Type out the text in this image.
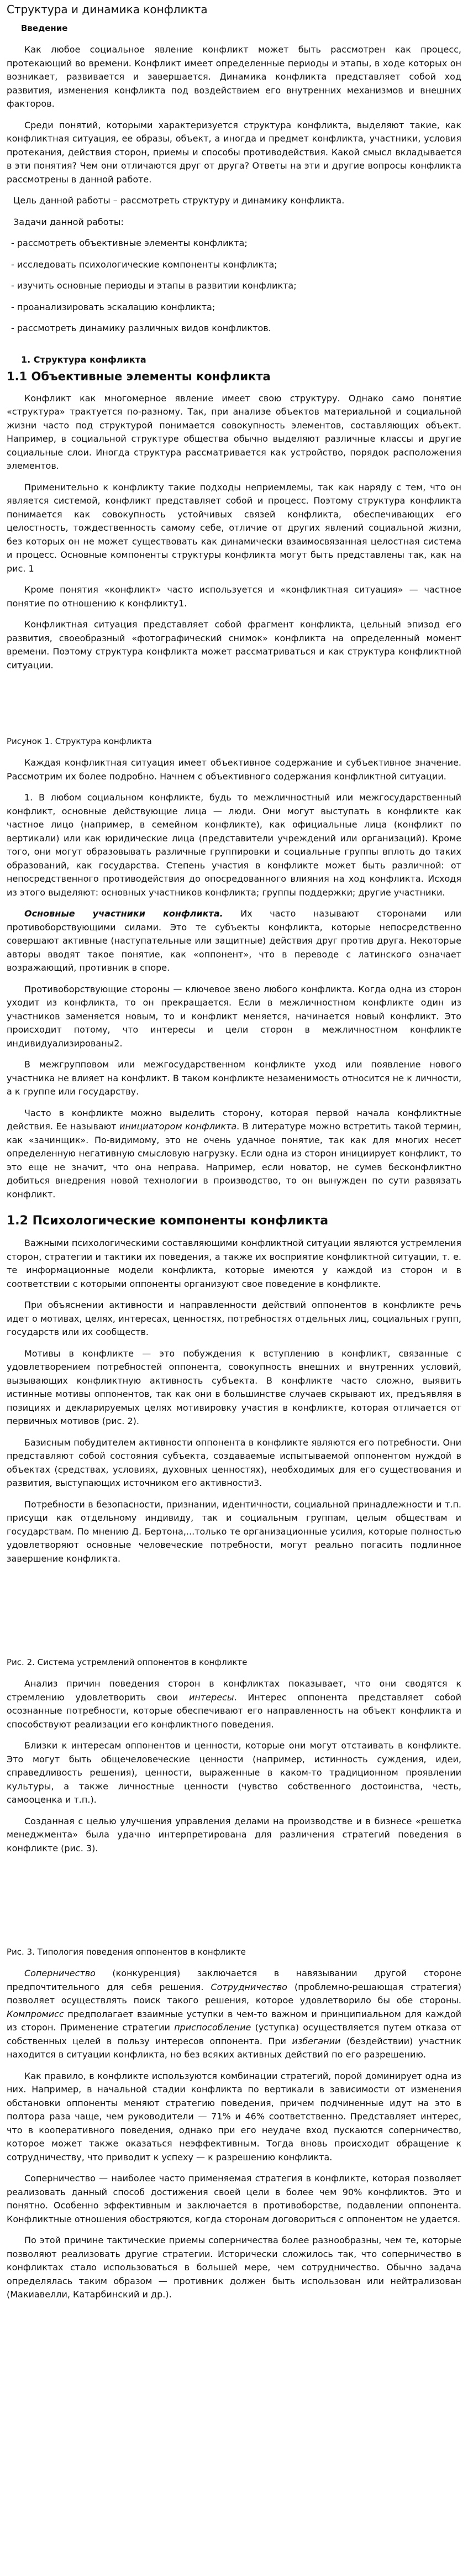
Структура и динамика конфликта
Введение

Как любое социальное явление конфликт может быть рассмотрен как процесс, протекающий во времени. Конфликт имеет определенные периоды и этапы, в ходе которых он возникает, развивается и завершается. Динамика конфликта представляет собой ход развития, изменения конфликта под воздействием его внутренних механизмов и внешних факторов.

Среди понятий, которыми характеризуется структура конфликта, выделяют такие, как конфликтная ситуация, ее образы, объект, а иногда и предмет конфликта, участники, условия протекания, действия сторон, приемы и способы противодействия. Какой смысл вкладывается в эти понятия? Чем они отличаются друг от друга? Ответы на эти и другие вопросы конфликта рассмотрены в данной работе.

Цель данной работы – рассмотреть структуру и динамику конфликта.

Задачи данной работы:

- рассмотреть объективные элементы конфликта;

- исследовать психологические компоненты конфликта;

- изучить основные периоды и этапы в развитии конфликта;

- проанализировать эскалацию конфликта;

- рассмотреть динамику различных видов конфликтов.

1. Структура конфликта
1.1 Объективные элементы конфликта

Конфликт как многомерное явление имеет свою структуру. Однако само понятие «структура» трактуется по-разному. Так, при анализе объектов материальной и социальной жизни часто под структурой понимается совокупность элементов, составляющих объект. Например, в социальной структуре общества обычно выделяют различные классы и другие социальные слои. Иногда структура рассматривается как устройство, порядок расположения элементов.

Применительно к конфликту такие подходы неприемлемы, так как наряду с тем, что он является системой, конфликт представляет собой и процесс. Поэтому структура конфликта понимается как совокупность устойчивых связей конфликта, обеспечивающих его целостность, тождественность самому себе, отличие от других явлений социальной жизни, без которых он не может существовать как динамически взаимосвязанная целостная система и процесс. Основные компоненты структуры конфликта могут быть представлены так, как на рис. 1

Кроме понятия «конфликт» часто используется и «конфликтная ситуация» — частное понятие по отношению к конфликту1.

Конфликтная ситуация представляет собой фрагмент конфликта, цельный эпизод его развития, своеобразный «фотографический снимок» конфликта на определенный момент времени. Поэтому структура конфликта может рассматриваться и как структура конфликтной ситуации.

Рисунок 1. Структура конфликта

Каждая конфликтная ситуация имеет объективное содержание и субъективное значение. Рассмотрим их более подробно. Начнем с объективного содержания конфликтной ситуации.

1. В любом социальном конфликте, будь то межличностный или межгосударственный конфликт, основные действующие лица — люди. Они могут выступать в конфликте как частное лицо (например, в семейном конфликте), как официальные лица (конфликт по вертикали) или как юридические лица (представители учреждений или организаций). Кроме того, они могут образовывать различные группировки и социальные группы вплоть до таких образований, как государства. Степень участия в конфликте может быть различной: от непосредственного противодействия до опосредованного влияния на ход конфликта. Исходя из этого выделяют: основных участников конфликта; группы поддержки; другие участники.

Основные участники конфликта. Их часто называют сторонами или противоборствующими силами. Это те субъекты конфликта, которые непосредственно совершают активные (наступательные или защитные) действия друг против друга. Некоторые авторы вводят такое понятие, как «оппонент», что в переводе с латинского означает возражающий, противник в споре.

Противоборствующие стороны — ключевое звено любого конфликта. Когда одна из сторон уходит из конфликта, то он прекращается. Если в межличностном конфликте один из участников заменяется новым, то и конфликт меняется, начинается новый конфликт. Это происходит потому, что интересы и цели сторон в межличностном конфликте индивидуализированы2.

В межгрупповом или межгосударственном конфликте уход или появление нового участника не влияет на конфликт. В таком конфликте незаменимость относится не к личности, а к группе или государству.

Часто в конфликте можно выделить сторону, которая первой начала конфликтные действия. Ее называют инициатором конфликта. В литературе можно встретить такой термин, как «зачинщик». По-видимому, это не очень удачное понятие, так как для многих несет определенную негативную смысловую нагрузку. Если одна из сторон инициирует конфликт, то это еще не значит, что она неправа. Например, если новатор, не сумев бесконфликтно добиться внедрения новой технологии в производство, то он вынужден по сути развязать конфликт.

1.2 Психологические компоненты конфликта

Важными психологическими составляющими конфликтной ситуации являются устремления сторон, стратегии и тактики их поведения, а также их восприятие конфликтной ситуации, т. е. те информационные модели конфликта, которые имеются у каждой из сторон и в соответствии с которыми оппоненты организуют свое поведение в конфликте.

При объяснении активности и направленности действий оппонентов в конфликте речь идет о мотивах, целях, интересах, ценностях, потребностях отдельных лиц, социальных групп, государств или их сообществ.

Мотивы в конфликте — это побуждения к вступлению в конфликт, связанные с удовлетворением потребностей оппонента, совокупность внешних и внутренних условий, вызывающих конфликтную активность субъекта. В конфликте часто сложно, выявить истинные мотивы оппонентов, так как они в большинстве случаев скрывают их, предъявляя в позициях и декларируемых целях мотивировку участия в конфликте, которая отличается от первичных мотивов (рис. 2).

Базисным побудителем активности оппонента в конфликте являются его потребности. Они представляют собой состояния субъекта, создаваемые испытываемой оппонентом нуждой в объектах (средствах, условиях, духовных ценностях), необходимых для его существования и развития, выступающих источником его активности3.

Потребности в безопасности, признании, идентичности, социальной принадлежности и т.п. присущи как отдельному индивиду, так и социальным группам, целым обществам и государствам. По мнению Д. Бертона,...только те организационные усилия, которые полностью удовлетворяют основные человеческие потребности, могут реально погасить подлинное завершение конфликта.

Рис. 2. Система устремлений оппонентов в конфликте

Анализ причин поведения сторон в конфликтах показывает, что они сводятся к стремлению удовлетворить свои интересы. Интерес оппонента представляет собой осознанные потребности, которые обеспечивают его направленность на объект конфликта и способствуют реализации его конфликтного поведения.

Близки к интересам оппонентов и ценности, которые они могут отстаивать в конфликте. Это могут быть общечеловеческие ценности (например, истинность суждения, идеи, справедливость решения), ценности, выраженные в каком-то традиционном проявлении культуры, а также личностные ценности (чувство собственного достоинства, честь, самооценка и т.п.).

Созданная с целью улучшения управления делами на производстве и в бизнесе «решетка менеджмента» была удачно интерпретирована для различения стратегий поведения в конфликте (рис. 3).

Рис. 3. Типология поведения оппонентов в конфликте

Соперничество (конкуренция) заключается в навязывании другой стороне предпочтительного для себя решения. Сотрудничество (проблемно-решающая стратегия) позволяет осуществлять поиск такого решения, которое удовлетворило бы обе стороны. Компромисс предполагает взаимные уступки в чем-то важном и принципиальном для каждой из сторон. Применение стратегии приспособление (уступка) осуществляется путем отказа от собственных целей в пользу интересов оппонента. При избегании (бездействии) участник находится в ситуации конфликта, но без всяких активных действий по его разрешению.

Как правило, в конфликте используются комбинации стратегий, порой доминирует одна из них. Например, в начальной стадии конфликта по вертикали в зависимости от изменения обстановки оппоненты меняют стратегию поведения, причем подчиненные идут на это в полтора раза чаще, чем руководители — 71% и 46% соответственно. Представляет интерес, что в кооперативного поведения, однако при его неудаче вход пускаются соперничество, которое может также оказаться неэффективным. Тогда вновь происходит обращение к сотрудничеству, что приводит к успеху — к разрешению конфликта.

Соперничество — наиболее часто применяемая стратегия в конфликте, которая позволяет реализовать данный способ достижения своей цели в более чем 90% конфликтов. Это и понятно. Особенно эффективным и заключается в противоборстве, подавлении оппонента. Конфликтные отношения обостряются, когда сторонам договориться с оппонентом не удается.

По этой причине тактические приемы соперничества более разнообразны, чем те, которые позволяют реализовать другие стратегии. Исторически сложилось так, что соперничество в конфликтах стало использоваться в большей мере, чем сотрудничество. Обычно задача определялась таким образом — противник должен быть использован или нейтрализован (Макиавелли, Катарбинский и др.).
